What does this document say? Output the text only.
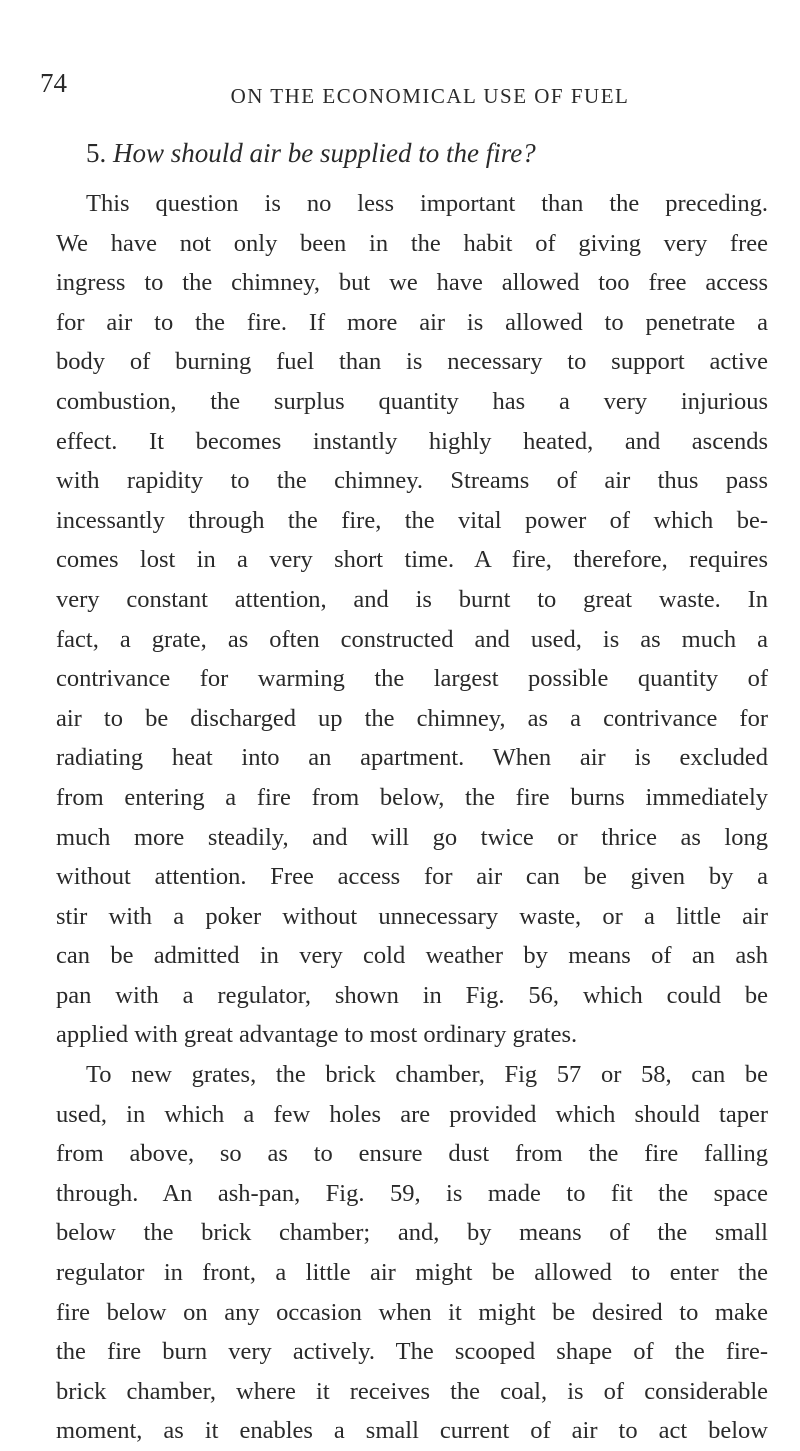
74	ON THE ECONOMICAL USE OF FUEL
5. How should air be supplied to the fire?
This question is no less important than the preceding.
We have not only been in the habit of giving very free
ingress to the chimney, but we have allowed too free access
for air to the fire. If more air is allowed to penetrate a
body of burning fuel than is necessary to support active
combustion, the surplus quantity has a very injurious
effect. It becomes instantly highly heated, and ascends
with rapidity to the chimney. Streams of air thus pass
incessantly through the fire, the vital power of which be-
comes lost in a very short time. A fire, therefore, requires
very constant attention, and is burnt to great waste. In
fact, a grate, as often constructed and used, is as much a
contrivance for warming the largest possible quantity of
air to be discharged up the chimney, as a contrivance for
radiating heat into an apartment. When air is excluded
from entering a fire from below, the fire burns immediately
much more steadily, and will go twice or thrice as long
without attention. Free access for air can be given by a
stir with a poker without unnecessary waste, or a little air
can be admitted in very cold weather by means of an ash
pan with a regulator, shown in Fig. 56, which could be
applied with great advantage to most ordinary grates.
To new grates, the brick chamber, Fig 57 or 58, can be
used, in which a few holes are provided which should taper
from above, so as to ensure dust from the fire falling
through. An ash-pan, Fig. 59, is made to fit the space
below the brick chamber; and, by means of the small
regulator in front, a little air might be allowed to enter the
fire below on any occasion when it might be desired to make
the fire burn very actively. The scooped shape of the fire-
brick chamber, where it receives the coal, is of considerable
moment, as it enables a small current of air to act below
